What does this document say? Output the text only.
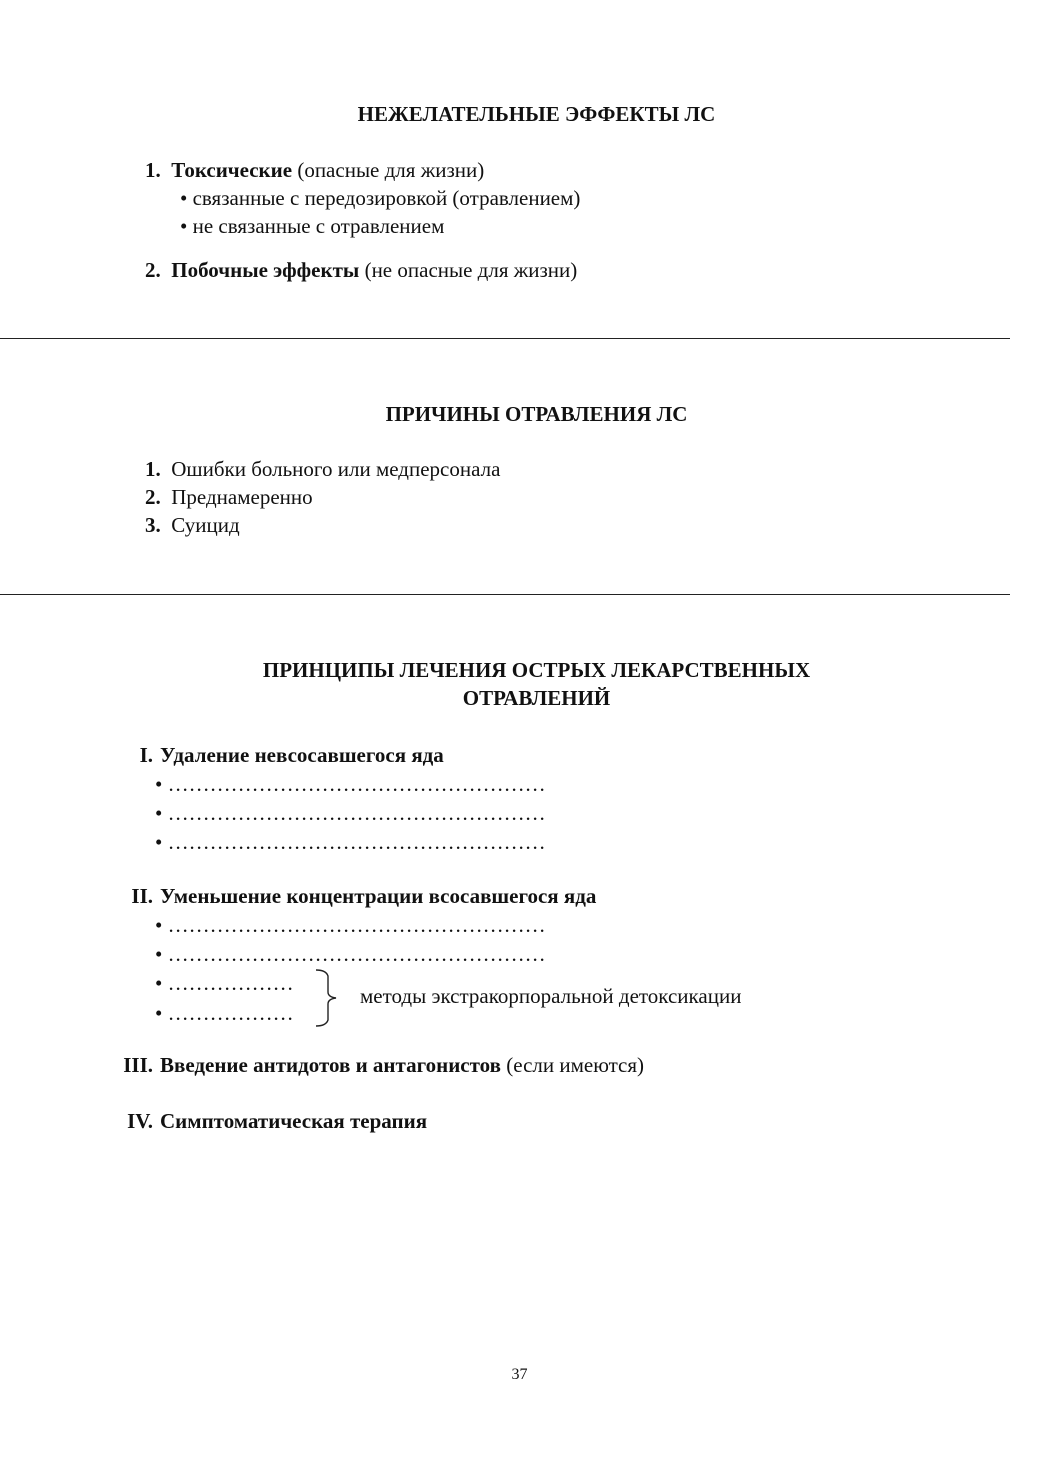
НЕЖЕЛАТЕЛЬНЫЕ ЭФФЕКТЫ ЛС
1. Токсические (опасные для жизни)
• связанные с передозировкой (отравлением)
• не связанные с отравлением
2. Побочные эффекты (не опасные для жизни)
ПРИЧИНЫ ОТРАВЛЕНИЯ ЛС
1. Ошибки больного или медперсонала
2. Преднамеренно
3. Суицид
ПРИНЦИПЫ ЛЕЧЕНИЯ ОСТРЫХ ЛЕКАРСТВЕННЫХ
ОТРАВЛЕНИЙ
I. Удаление невсосавшегося яда
• ………………………………………………
• ………………………………………………
• ………………………………………………
II. Уменьшение концентрации всосавшегося яда
• ………………………………………………
• ………………………………………………
• ………………
• ………………
методы экстракорпоральной детоксикации
III. Введение антидотов и антагонистов (если имеются)
IV. Симптоматическая терапия
37
